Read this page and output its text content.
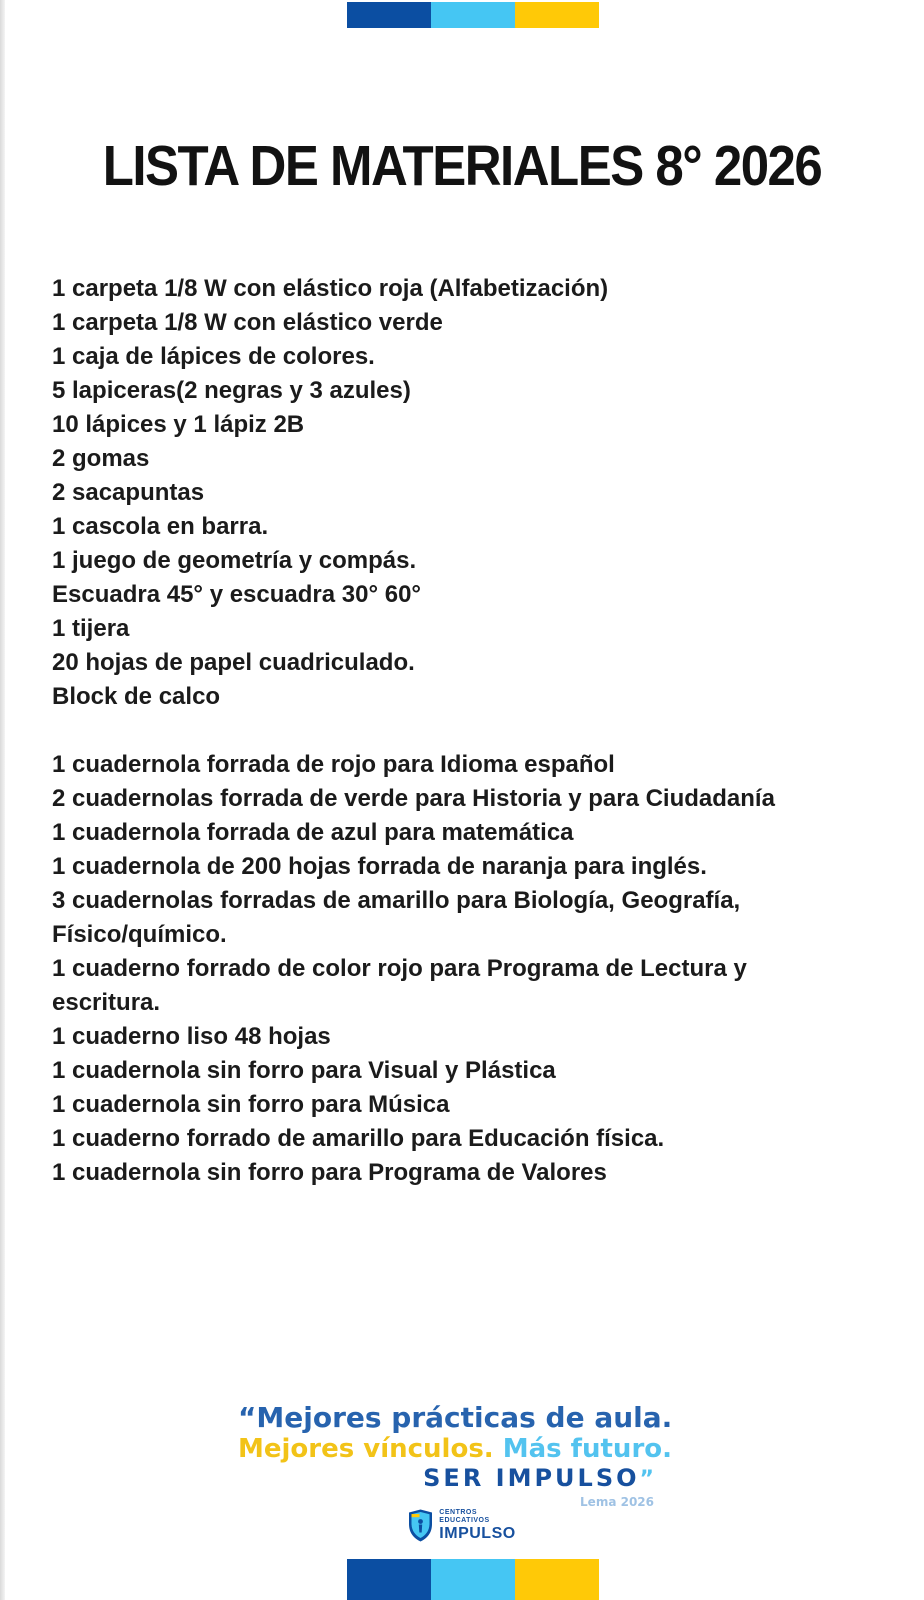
LISTA DE MATERIALES 8° 2026
1 carpeta 1/8 W con elástico roja (Alfabetización)
1 carpeta 1/8 W con elástico verde
1 caja de lápices de colores.
5 lapiceras(2 negras y 3 azules)
10 lápices y 1 lápiz 2B
2 gomas
2 sacapuntas
1 cascola en barra.
1 juego de geometría y compás.
Escuadra 45° y escuadra 30° 60°
1 tijera
20 hojas de papel cuadriculado.
Block de calco
1 cuadernola forrada de rojo para Idioma español
2 cuadernolas forrada de verde para Historia y para Ciudadanía
1 cuadernola forrada de azul para matemática
1 cuadernola de 200 hojas forrada de naranja para inglés.
3 cuadernolas forradas de amarillo para Biología, Geografía,
Físico/químico.
1 cuaderno forrado de color rojo para Programa de Lectura y
escritura.
1 cuaderno liso 48 hojas
1 cuadernola sin forro para Visual y Plástica
1 cuadernola sin forro para Música
1 cuaderno forrado de amarillo para Educación física.
1 cuadernola sin forro para Programa de Valores
“Mejores prácticas de aula.
Mejores vínculos. Más futuro.
SER IMPULSO”
Lema 2026
CENTROS
EDUCATIVOS
IMPULSO
